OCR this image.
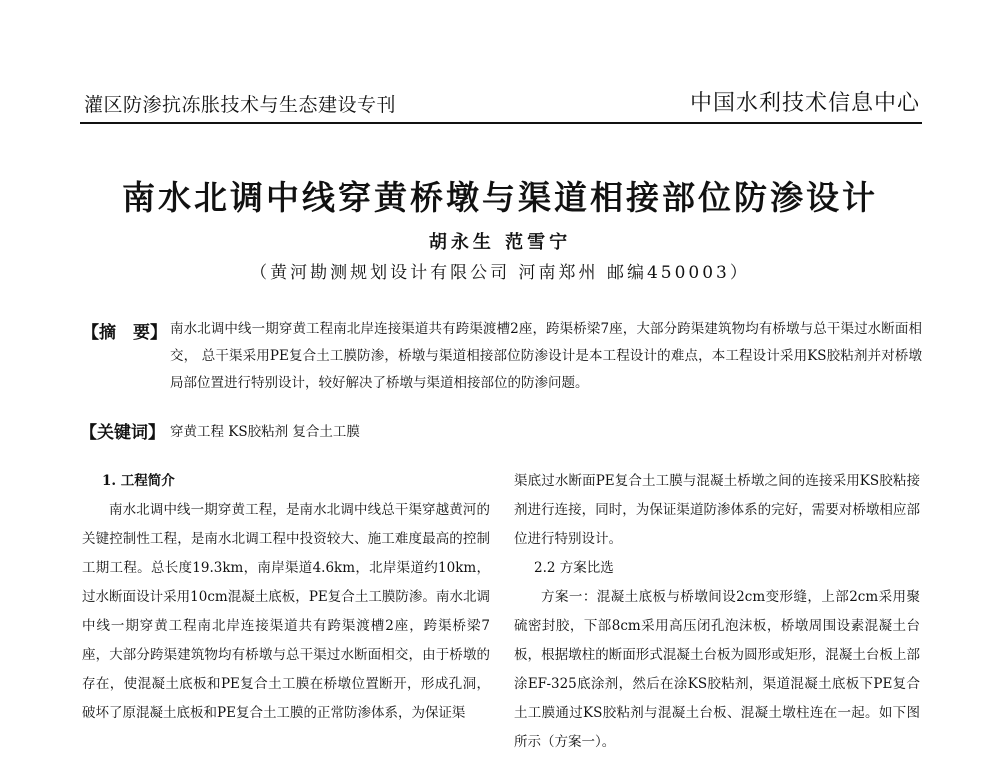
灌区防渗抗冻胀技术与生态建设专刊	中国水利技术信息中心
南水北调中线穿黄桥墩与渠道相接部位防渗设计
胡永生 范雪宁
（黄河勘测规划设计有限公司 河南郑州 邮编450003）
【摘　要】 南水北调中线一期穿黄工程南北岸连接渠道共有跨渠渡槽2座，跨渠桥梁7座，大部分跨渠建筑物均有桥墩与总干渠过水断面相交， 总干渠采用PE复合土工膜防渗，桥墩与渠道相接部位防渗设计是本工程设计的难点，本工程设计采用KS胶粘剂并对桥墩局部位置进行特别设计，较好解决了桥墩与渠道相接部位的防渗问题。
【关键词】 穿黄工程 KS胶粘剂 复合土工膜

1. 工程简介

南水北调中线一期穿黄工程，是南水北调中线总干渠穿越黄河的关键控制性工程，是南水北调工程中投资较大、施工难度最高的控制工期工程。总长度19.3km，南岸渠道4.6km，北岸渠道约10km，过水断面设计采用10cm混凝土底板，PE复合土工膜防渗。南水北调中线一期穿黄工程南北岸连接渠道共有跨渠渡槽2座，跨渠桥梁7座，大部分跨渠建筑物均有桥墩与总干渠过水断面相交，由于桥墩的存在，使混凝土底板和PE复合土工膜在桥墩位置断开，形成孔洞，破坏了原混凝土底板和PE复合土工膜的正常防渗体系，为保证渠

渠底过水断面PE复合土工膜与混凝土桥墩之间的连接采用KS胶粘接剂进行连接，同时，为保证渠道防渗体系的完好，需要对桥墩相应部位进行特别设计。

2.2 方案比选

方案一：混凝土底板与桥墩间设2cm变形缝，上部2cm采用聚硫密封胶，下部8cm采用高压闭孔泡沫板，桥墩周围设素混凝土台板，根据墩柱的断面形式混凝土台板为圆形或矩形，混凝土台板上部涂EF-325底涂剂，然后在涂KS胶粘剂，渠道混凝土底板下PE复合土工膜通过KS胶粘剂与混凝土台板、混凝土墩柱连在一起。如下图所示（方案一）。
